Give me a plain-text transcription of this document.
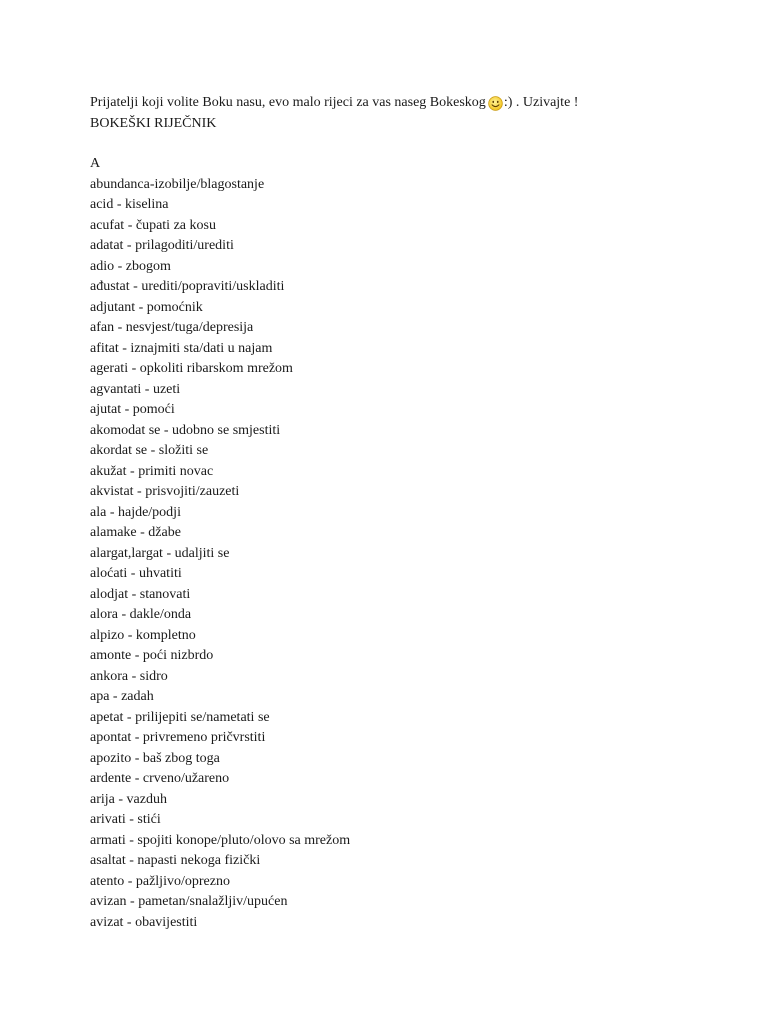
Prijatelji koji volite Boku nasu, evo malo rijeci za vas naseg Bokeskog :) . Uzivajte !

BOKEŠKI RIJEČNIK

A

abundanca-izobilje/blagostanje

acid - kiselina

acufat - čupati za kosu

adatat - prilagoditi/urediti

adio - zbogom

ađustat - urediti/popraviti/uskladiti

adjutant - pomoćnik

afan - nesvjest/tuga/depresija

afitat - iznajmiti sta/dati u najam

agerati - opkoliti ribarskom mrežom

agvantati - uzeti

ajutat - pomoći

akomodat se - udobno se smjestiti

akordat se - složiti se

akužat - primiti novac

akvistat - prisvojiti/zauzeti

ala - hajde/podji

alamake - džabe

alargat,largat - udaljiti se

alоćati - uhvatiti

alodjat - stanovati

alora - dakle/onda

alpizo - kompletno

amonte - poći nizbrdo

ankora - sidro

apa - zadah

apetat - prilijepiti se/nametati se

apontat - privremeno pričvrstiti

apozito - baš zbog toga

ardente - crveno/užareno

arija - vazduh

arivati - stići

armati - spojiti konope/pluto/olovo sa mrežom

asaltat - napasti nekoga fizički

atento - pažljivo/oprezno

avizan - pametan/snalažljiv/upućen

avizat - obavijestiti
